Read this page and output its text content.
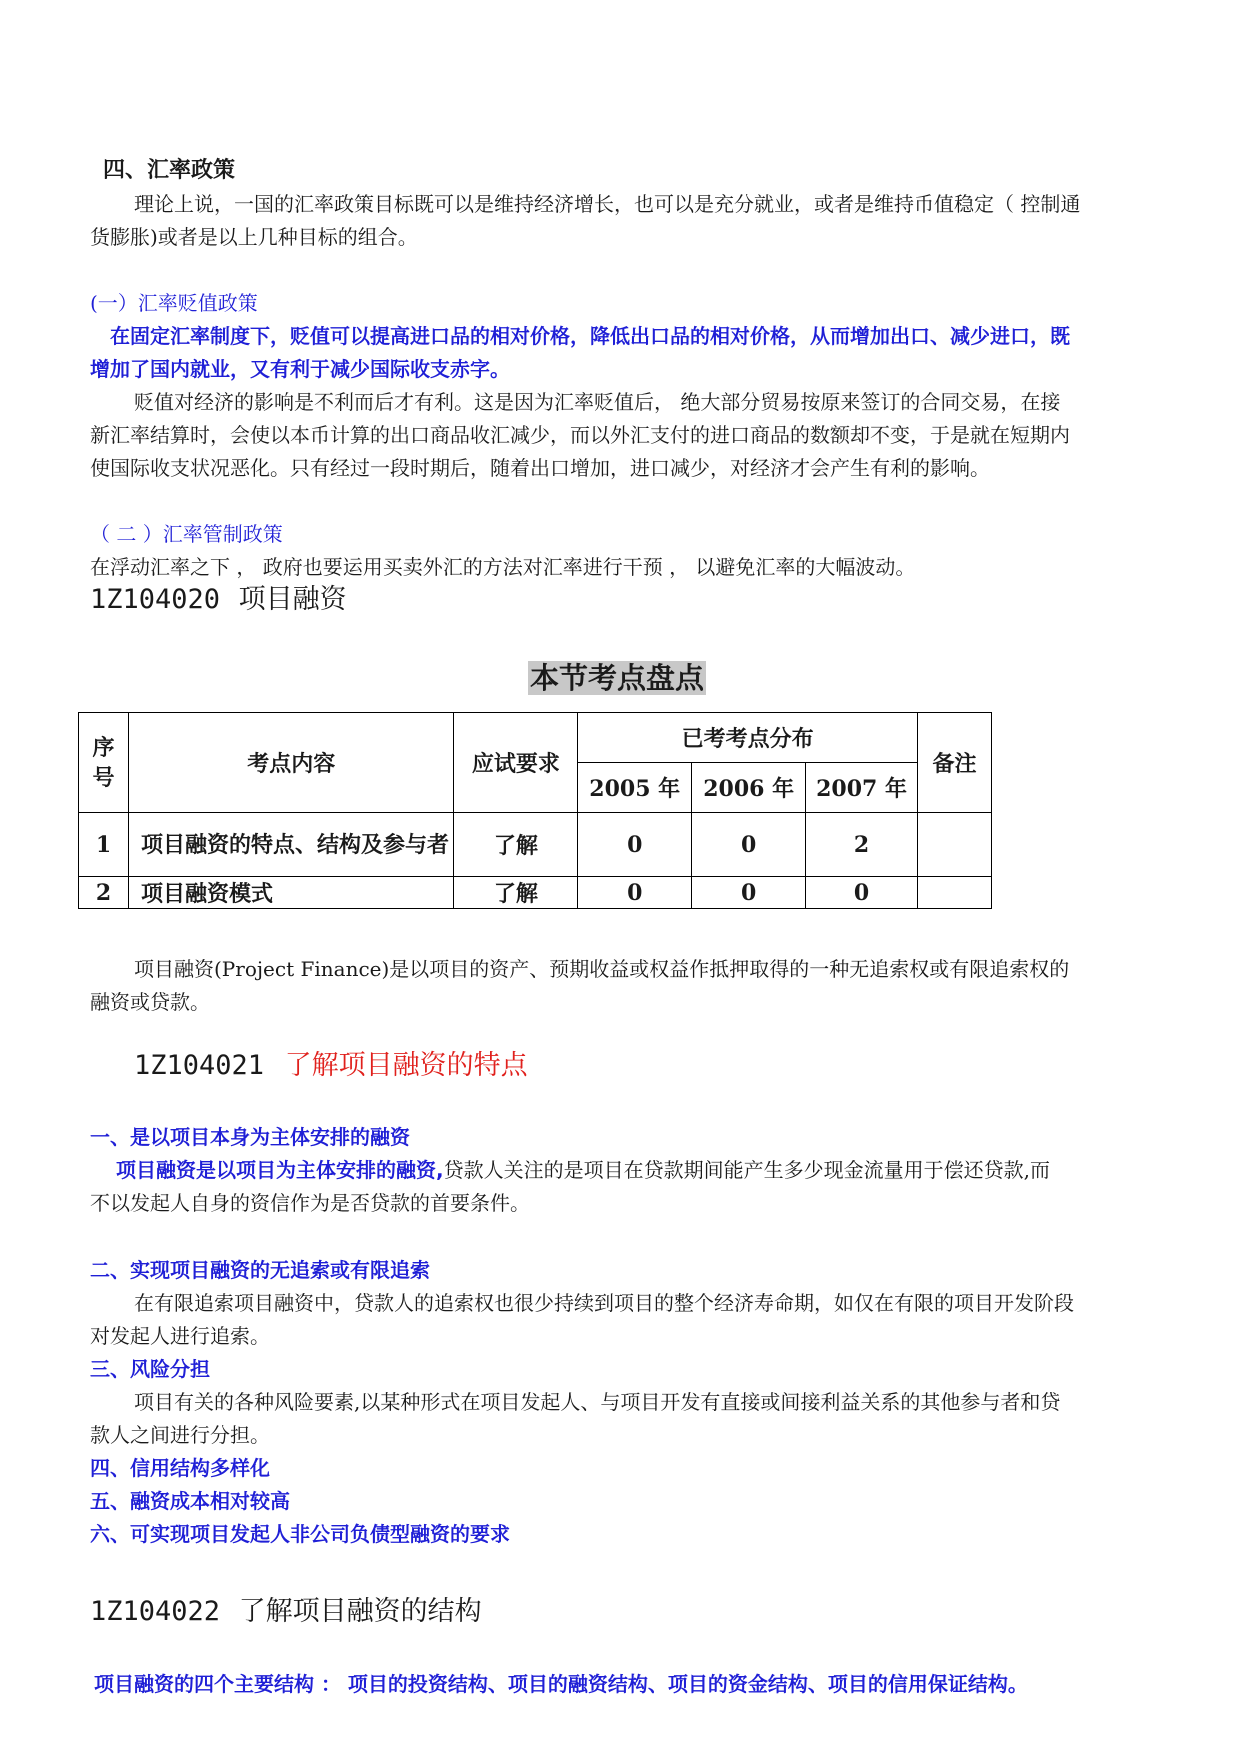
四、汇率政策

理论上说，一国的汇率政策目标既可以是维持经济增长，也可以是充分就业，或者是维持币值稳定（ 控制通

货膨胀)或者是以上几种目标的组合。

(一）汇率贬值政策

在固定汇率制度下，贬值可以提高进口品的相对价格，降低出口品的相对价格，从而增加出口、减少进口，既

增加了国内就业，又有利于减少国际收支赤字。

贬值对经济的影响是不利而后才有利。这是因为汇率贬值后， 绝大部分贸易按原来签订的合同交易，在接

新汇率结算时，会使以本币计算的出口商品收汇减少，而以外汇支付的进口商品的数额却不变，于是就在短期内

使国际收支状况恶化。只有经过一段时期后，随着出口增加，进口减少，对经济才会产生有利的影响。

（ 二 ）汇率管制政策

在浮动汇率之下 ， 政府也要运用买卖外汇的方法对汇率进行干预 ， 以避免汇率的大幅波动。

1Z104020 项目融资

本节考点盘点

序号	考点内容	应试要求	已考考点分布			备注
			2005 年	2006 年	2007 年	
1	项目融资的特点、结构及参与者	了解	0	0	2	
2	项目融资模式	了解	0	0	0	

项目融资(Project Finance)是以项目的资产、预期收益或权益作抵押取得的一种无追索权或有限追索权的

融资或贷款。

1Z104021 了解项目融资的特点

一、是以项目本身为主体安排的融资

项目融资是以项目为主体安排的融资,贷款人关注的是项目在贷款期间能产生多少现金流量用于偿还贷款,而

不以发起人自身的资信作为是否贷款的首要条件。

二、实现项目融资的无追索或有限追索

在有限追索项目融资中，贷款人的追索权也很少持续到项目的整个经济寿命期，如仅在有限的项目开发阶段

对发起人进行追索。

三、风险分担

项目有关的各种风险要素,以某种形式在项目发起人、与项目开发有直接或间接利益关系的其他参与者和贷

款人之间进行分担。

四、信用结构多样化

五、融资成本相对较高

六、可实现项目发起人非公司负债型融资的要求

1Z104022 了解项目融资的结构

项目融资的四个主要结构 ： 项目的投资结构、项目的融资结构、项目的资金结构、项目的信用保证结构。
